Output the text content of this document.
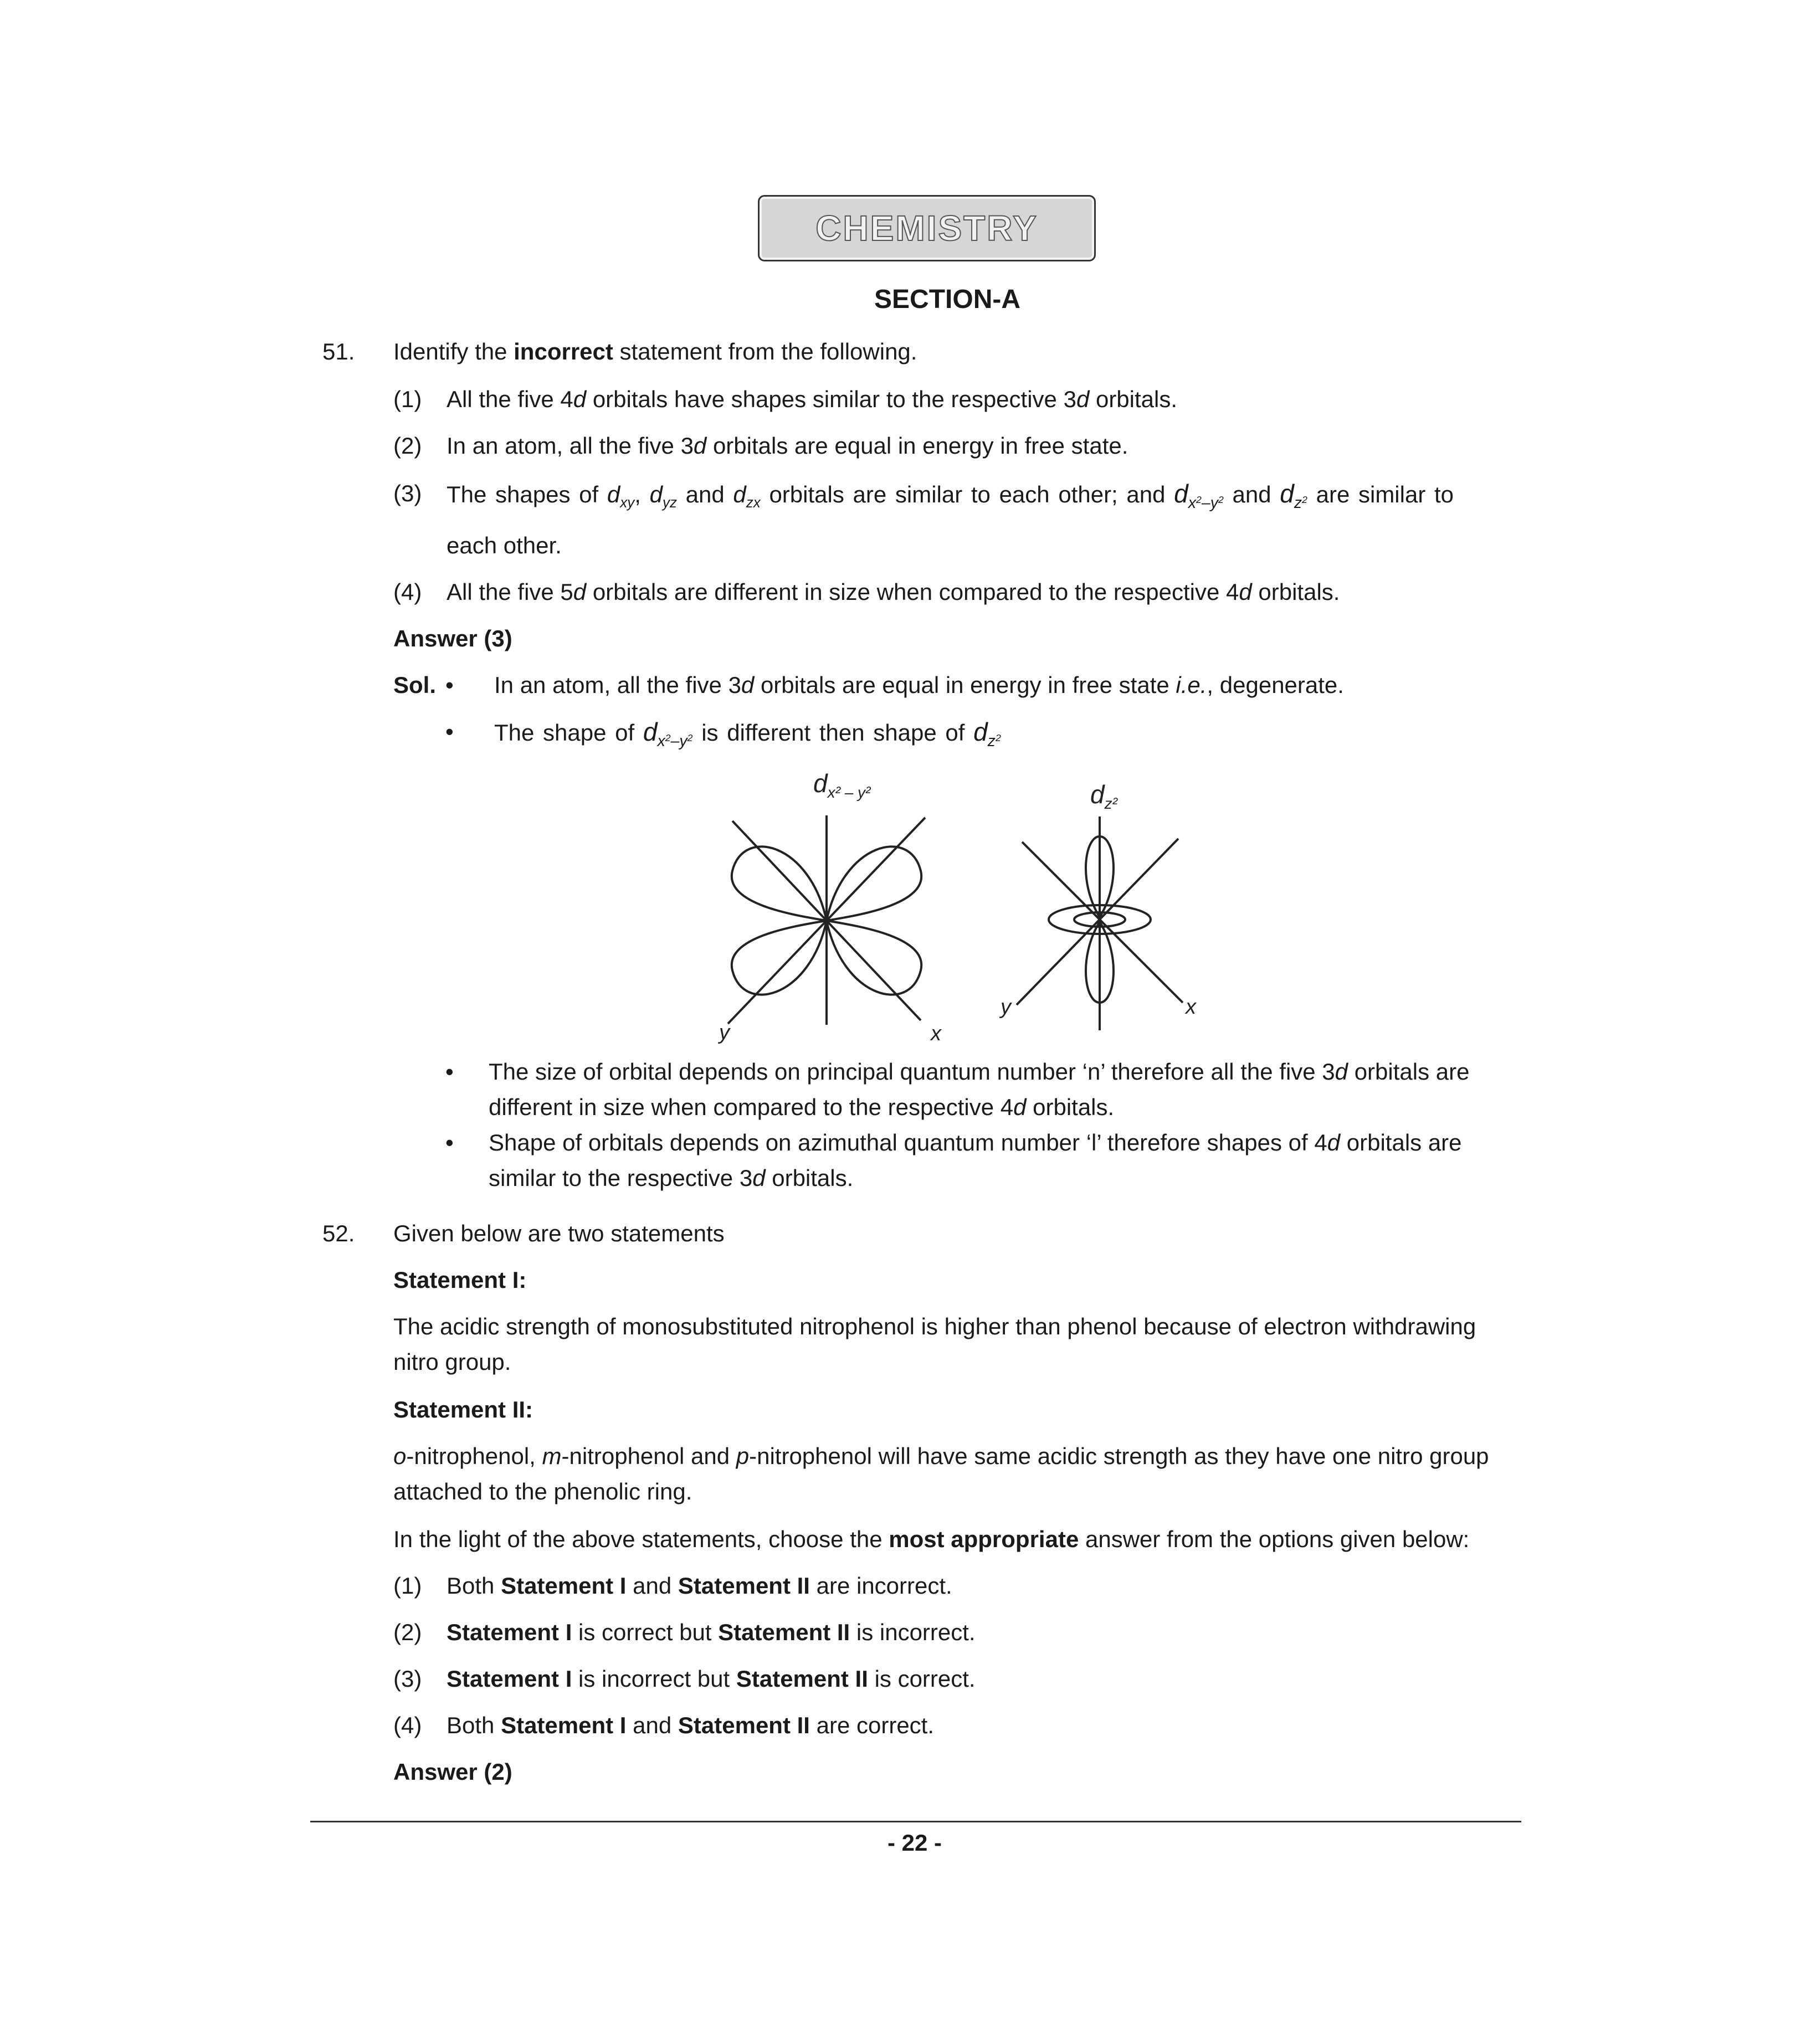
CHEMISTRY
SECTION-A
51. Identify the incorrect statement from the following.
(1) All the five 4d orbitals have shapes similar to the respective 3d orbitals.
(2) In an atom, all the five 3d orbitals are equal in energy in free state.
(3) The shapes of $d_{xy}$, $d_{yz}$ and $d_{zx}$ orbitals are similar to each other; and $d_{x^2-y^2}$ and $d_{z^2}$ are similar to
each other.
(4) All the five 5d orbitals are different in size when compared to the respective 4d orbitals.
Answer (3)
Sol. • In an atom, all the five 3d orbitals are equal in energy in free state i.e., degenerate.
• The shape of $d_{x^2-y^2}$ is different then shape of $d_{z^2}$
$d_{x^2 - y^2}$
y	x
$d_{z^2}$
y	x
• The size of orbital depends on principal quantum number ‘n’ therefore all the five 3d orbitals are
different in size when compared to the respective 4d orbitals.
• Shape of orbitals depends on azimuthal quantum number ‘l’ therefore shapes of 4d orbitals are
similar to the respective 3d orbitals.
52. Given below are two statements
Statement I:
The acidic strength of monosubstituted nitrophenol is higher than phenol because of electron withdrawing
nitro group.
Statement II:
o-nitrophenol, m-nitrophenol and p-nitrophenol will have same acidic strength as they have one nitro group
attached to the phenolic ring.
In the light of the above statements, choose the most appropriate answer from the options given below:
(1) Both Statement I and Statement II are incorrect.
(2) Statement I is correct but Statement II is incorrect.
(3) Statement I is incorrect but Statement II is correct.
(4) Both Statement I and Statement II are correct.
Answer (2)
- 22 -
